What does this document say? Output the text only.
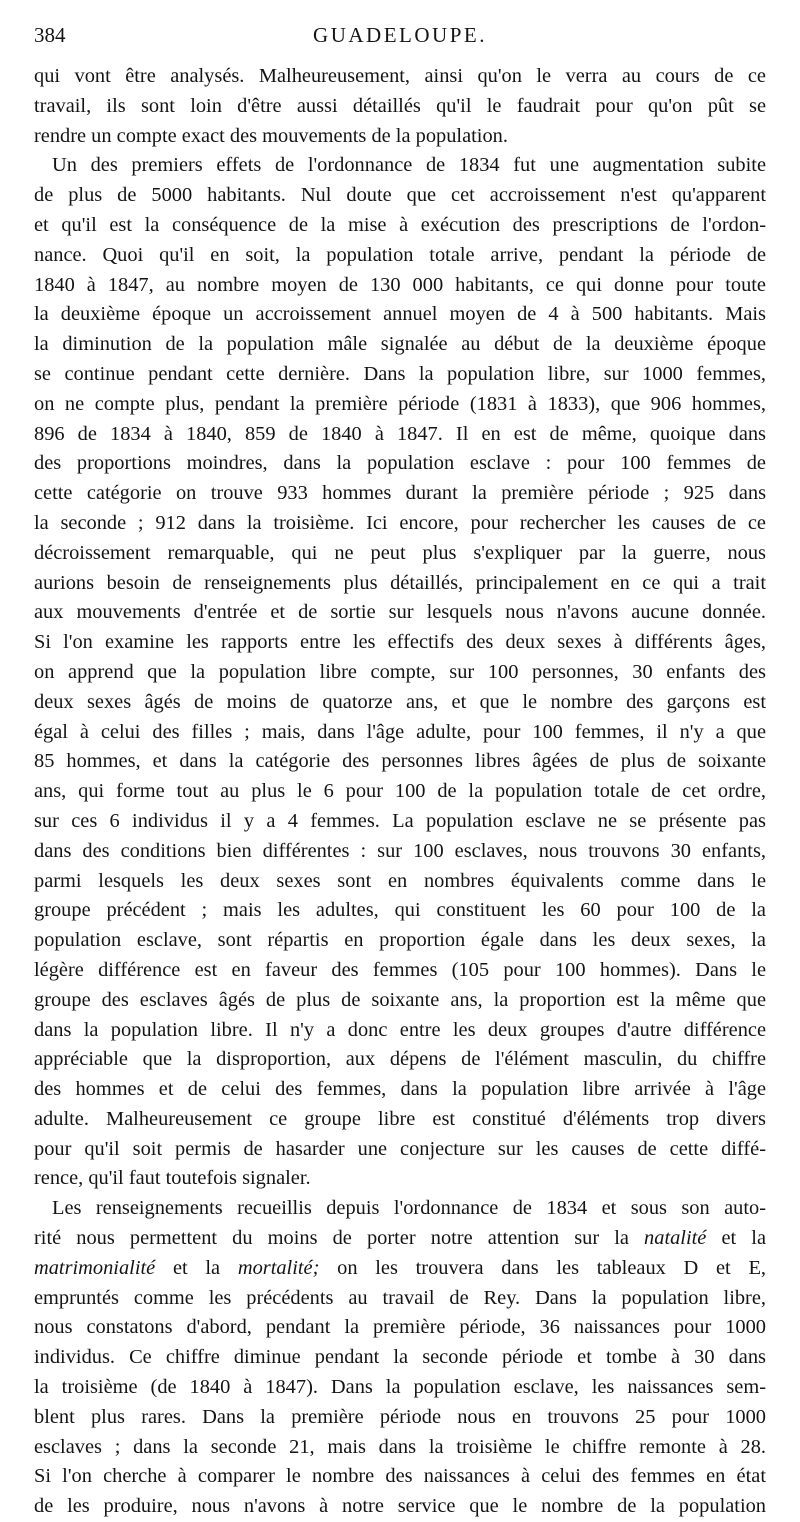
384	GUADELOUPE.
qui vont être analysés. Malheureusement, ainsi qu'on le verra au cours de ce
travail, ils sont loin d'être aussi détaillés qu'il le faudrait pour qu'on pût se
rendre un compte exact des mouvements de la population.
Un des premiers effets de l'ordonnance de 1834 fut une augmentation subite
de plus de 5000 habitants. Nul doute que cet accroissement n'est qu'apparent
et qu'il est la conséquence de la mise à exécution des prescriptions de l'ordon-
nance. Quoi qu'il en soit, la population totale arrive, pendant la période de
1840 à 1847, au nombre moyen de 130 000 habitants, ce qui donne pour toute
la deuxième époque un accroissement annuel moyen de 4 à 500 habitants. Mais
la diminution de la population mâle signalée au début de la deuxième époque
se continue pendant cette dernière. Dans la population libre, sur 1000 femmes,
on ne compte plus, pendant la première période (1831 à 1833), que 906 hommes,
896 de 1834 à 1840, 859 de 1840 à 1847. Il en est de même, quoique dans
des proportions moindres, dans la population esclave : pour 100 femmes de
cette catégorie on trouve 933 hommes durant la première période ; 925 dans
la seconde ; 912 dans la troisième. Ici encore, pour rechercher les causes de ce
décroissement remarquable, qui ne peut plus s'expliquer par la guerre, nous
aurions besoin de renseignements plus détaillés, principalement en ce qui a trait
aux mouvements d'entrée et de sortie sur lesquels nous n'avons aucune donnée.
Si l'on examine les rapports entre les effectifs des deux sexes à différents âges,
on apprend que la population libre compte, sur 100 personnes, 30 enfants des
deux sexes âgés de moins de quatorze ans, et que le nombre des garçons est
égal à celui des filles ; mais, dans l'âge adulte, pour 100 femmes, il n'y a que
85 hommes, et dans la catégorie des personnes libres âgées de plus de soixante
ans, qui forme tout au plus le 6 pour 100 de la population totale de cet ordre,
sur ces 6 individus il y a 4 femmes. La population esclave ne se présente pas
dans des conditions bien différentes : sur 100 esclaves, nous trouvons 30 enfants,
parmi lesquels les deux sexes sont en nombres équivalents comme dans le
groupe précédent ; mais les adultes, qui constituent les 60 pour 100 de la
population esclave, sont répartis en proportion égale dans les deux sexes, la
légère différence est en faveur des femmes (105 pour 100 hommes). Dans le
groupe des esclaves âgés de plus de soixante ans, la proportion est la même que
dans la population libre. Il n'y a donc entre les deux groupes d'autre différence
appréciable que la disproportion, aux dépens de l'élément masculin, du chiffre
des hommes et de celui des femmes, dans la population libre arrivée à l'âge
adulte. Malheureusement ce groupe libre est constitué d'éléments trop divers
pour qu'il soit permis de hasarder une conjecture sur les causes de cette diffé-
rence, qu'il faut toutefois signaler.
Les renseignements recueillis depuis l'ordonnance de 1834 et sous son auto-
rité nous permettent du moins de porter notre attention sur la natalité et la
matrimonialité et la mortalité; on les trouvera dans les tableaux D et E,
empruntés comme les précédents au travail de Rey. Dans la population libre,
nous constatons d'abord, pendant la première période, 36 naissances pour 1000
individus. Ce chiffre diminue pendant la seconde période et tombe à 30 dans
la troisième (de 1840 à 1847). Dans la population esclave, les naissances sem-
blent plus rares. Dans la première période nous en trouvons 25 pour 1000
esclaves ; dans la seconde 21, mais dans la troisième le chiffre remonte à 28.
Si l'on cherche à comparer le nombre des naissances à celui des femmes en état
de les produire, nous n'avons à notre service que le nombre de la population
